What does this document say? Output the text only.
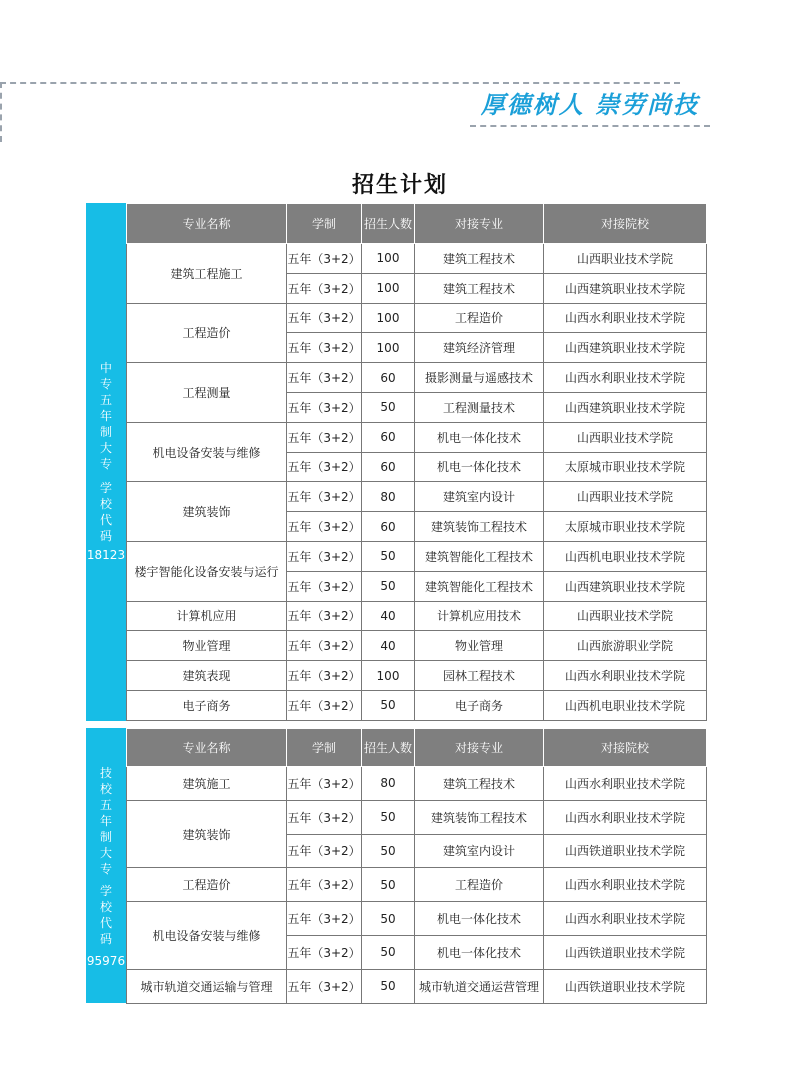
厚德树人 崇劳尚技
招生计划
中
专
五
年
制
大
专
学
校
代
码
18123
专业名称	学制	招生人数	对接专业	对接院校
建筑工程施工	五年（3+2）	100	建筑工程技术	山西职业技术学院
	五年（3+2）	100	建筑工程技术	山西建筑职业技术学院
工程造价	五年（3+2）	100	工程造价	山西水利职业技术学院
	五年（3+2）	100	建筑经济管理	山西建筑职业技术学院
工程测量	五年（3+2）	60	摄影测量与遥感技术	山西水利职业技术学院
	五年（3+2）	50	工程测量技术	山西建筑职业技术学院
机电设备安装与维修	五年（3+2）	60	机电一体化技术	山西职业技术学院
	五年（3+2）	60	机电一体化技术	太原城市职业技术学院
建筑装饰	五年（3+2）	80	建筑室内设计	山西职业技术学院
	五年（3+2）	60	建筑装饰工程技术	太原城市职业技术学院
楼宇智能化设备安装与运行	五年（3+2）	50	建筑智能化工程技术	山西机电职业技术学院
	五年（3+2）	50	建筑智能化工程技术	山西建筑职业技术学院
计算机应用	五年（3+2）	40	计算机应用技术	山西职业技术学院
物业管理	五年（3+2）	40	物业管理	山西旅游职业学院
建筑表现	五年（3+2）	100	园林工程技术	山西水利职业技术学院
电子商务	五年（3+2）	50	电子商务	山西机电职业技术学院
技
校
五
年
制
大
专
学
校
代
码
95976
专业名称	学制	招生人数	对接专业	对接院校
建筑施工	五年（3+2）	80	建筑工程技术	山西水利职业技术学院
建筑装饰	五年（3+2）	50	建筑装饰工程技术	山西水利职业技术学院
	五年（3+2）	50	建筑室内设计	山西铁道职业技术学院
工程造价	五年（3+2）	50	工程造价	山西水利职业技术学院
机电设备安装与维修	五年（3+2）	50	机电一体化技术	山西水利职业技术学院
	五年（3+2）	50	机电一体化技术	山西铁道职业技术学院
城市轨道交通运输与管理	五年（3+2）	50	城市轨道交通运营管理	山西铁道职业技术学院
